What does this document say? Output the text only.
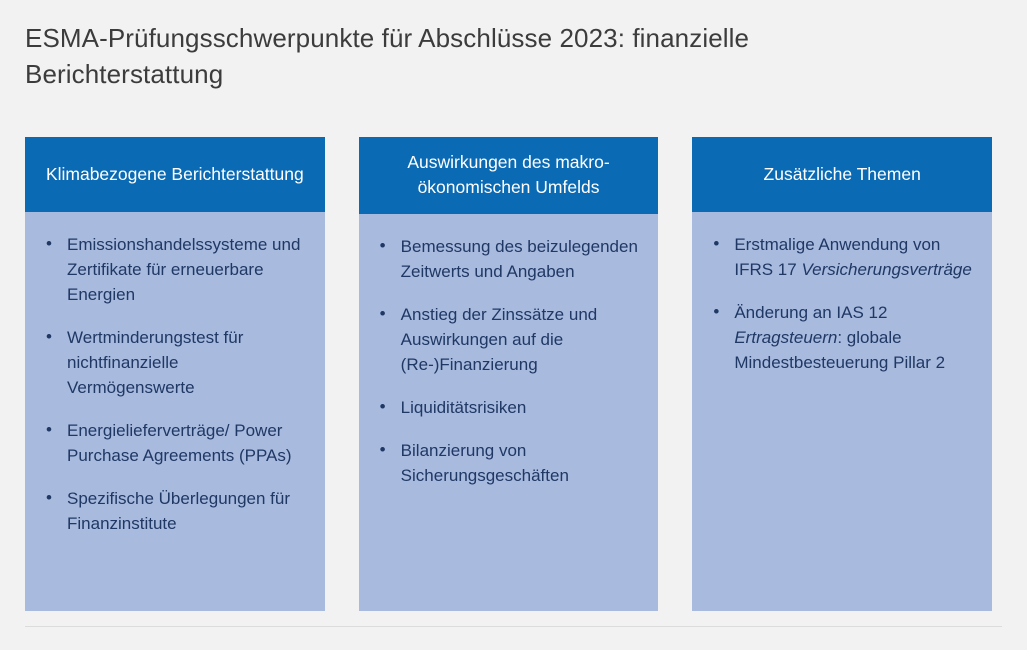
ESMA-Prüfungsschwerpunkte für Abschlüsse 2023: finanzielle Berichterstattung
Klimabezogene Berichterstattung
• Emissionshandelssysteme und Zertifikate für erneuerbare Energien
• Wertminderungstest für nichtfinanzielle Vermögenswerte
• Energielieferverträge/ Power Purchase Agreements (PPAs)
• Spezifische Überlegungen für Finanzinstitute
Auswirkungen des makro-ökonomischen Umfelds
• Bemessung des beizulegenden Zeitwerts und Angaben
• Anstieg der Zinssätze und Auswirkungen auf die (Re-)Finanzierung
• Liquiditätsrisiken
• Bilanzierung von Sicherungsgeschäften
Zusätzliche Themen
• Erstmalige Anwendung von IFRS 17 Versicherungsverträge
• Änderung an IAS 12 Ertragsteuern: globale Mindestbesteuerung Pillar 2
